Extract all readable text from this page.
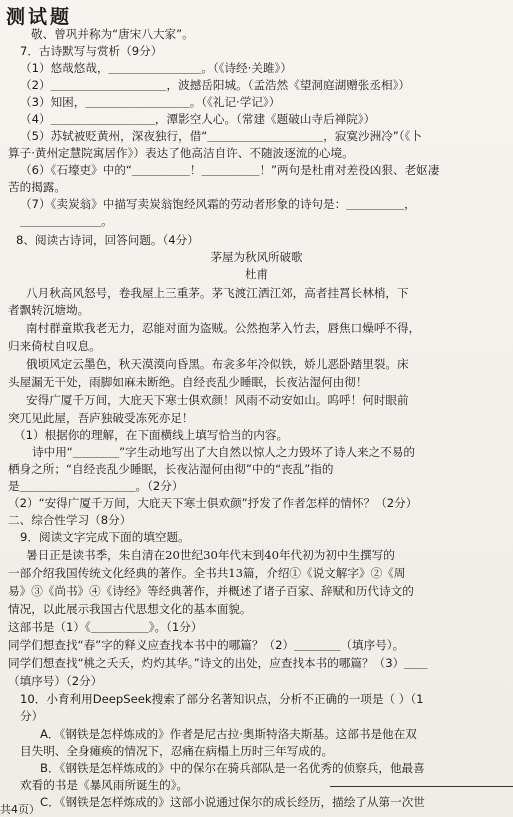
测试题
敬、曾巩并称为“唐宋八大家”。
7．古诗默写与赏析（9分）
（1）悠哉悠哉，＿＿＿＿＿＿＿＿。（《诗经·关雎》）
（2）＿＿＿＿＿＿＿＿＿＿，波撼岳阳城。（孟浩然《望洞庭湖赠张丞相》）
（3）知困，＿＿＿＿＿＿＿＿＿。（《礼记·学记》）
（4）＿＿＿＿＿＿＿＿＿，潭影空人心。（常建《题破山寺后禅院》）
（5）苏轼被贬黄州，深夜独行，借“＿＿＿＿＿＿＿＿＿＿，寂寞沙洲冷”（《卜
算子·黄州定慧院寓居作》）表达了他高洁自许、不随波逐流的心境。
（6）《石壕吏》中的“＿＿＿＿＿！＿＿＿＿＿！”两句是杜甫对差役凶狠、老妪凄
苦的揭露。
（7）《卖炭翁》中描写卖炭翁饱经风霜的劳动者形象的诗句是：＿＿＿＿＿，
＿＿＿＿＿＿＿。
8、阅读古诗词，回答问题。（4分）
茅屋为秋风所破歌
杜甫
八月秋高风怒号，卷我屋上三重茅。茅飞渡江洒江郊，高者挂罥长林梢，下
者飘转沉塘坳。
南村群童欺我老无力，忍能对面为盗贼。公然抱茅入竹去，唇焦口燥呼不得，
归来倚杖自叹息。
俄顷风定云墨色，秋天漠漠向昏黑。布衾多年冷似铁，娇儿恶卧踏里裂。床
头屋漏无干处，雨脚如麻未断绝。自经丧乱少睡眠，长夜沾湿何由彻！
安得广厦千万间，大庇天下寒士俱欢颜！风雨不动安如山。呜呼！何时眼前
突兀见此屋，吾庐独破受冻死亦足！
（1）根据你的理解，在下面横线上填写恰当的内容。
诗中用“＿＿＿＿”字生动地写出了大自然以惊人之力毁坏了诗人来之不易的
栖身之所；“自经丧乱少睡眠，长夜沾湿何由彻”中的“丧乱”指的
是＿＿＿＿＿＿＿＿＿＿。（2分）
（2）“安得广厦千万间，大庇天下寒士俱欢颜”抒发了作者怎样的情怀？（2分）
二、综合性学习（8分）
9．阅读文字完成下面的填空题。
暑日正是读书季，朱自清在20世纪30年代末到40年代初为初中生撰写的
一部介绍我国传统文化经典的著作。全书共13篇，介绍①《说文解字》②《周
易》③《尚书》④《诗经》等经典著作，并概述了诸子百家、辞赋和历代诗文的
情况，以此展示我国古代思想文化的基本面貌。
这部书是（1）《＿＿＿＿＿》。（1分）
同学们想查找“春”字的释义应查找本书中的哪篇？（2）＿＿＿＿（填序号）。
同学们想查找“桃之夭夭，灼灼其华。”诗文的出处，应查找本书的哪篇？（3）＿＿
（填序号）（2分）
10．小育利用DeepSeek搜索了部分名著知识点，分析不正确的一项是（ ）（1
分）
A．《钢铁是怎样炼成的》作者是尼古拉·奥斯特洛夫斯基。这部书是他在双
目失明、全身瘫痪的情况下，忍痛在病榻上历时三年写成的。
B．《钢铁是怎样炼成的》中的保尔在骑兵部队是一名优秀的侦察兵，他最喜
欢看的书是《暴风雨所诞生的》。
C．《钢铁是怎样炼成的》这部小说通过保尔的成长经历，描绘了从第一次世
共4页）
